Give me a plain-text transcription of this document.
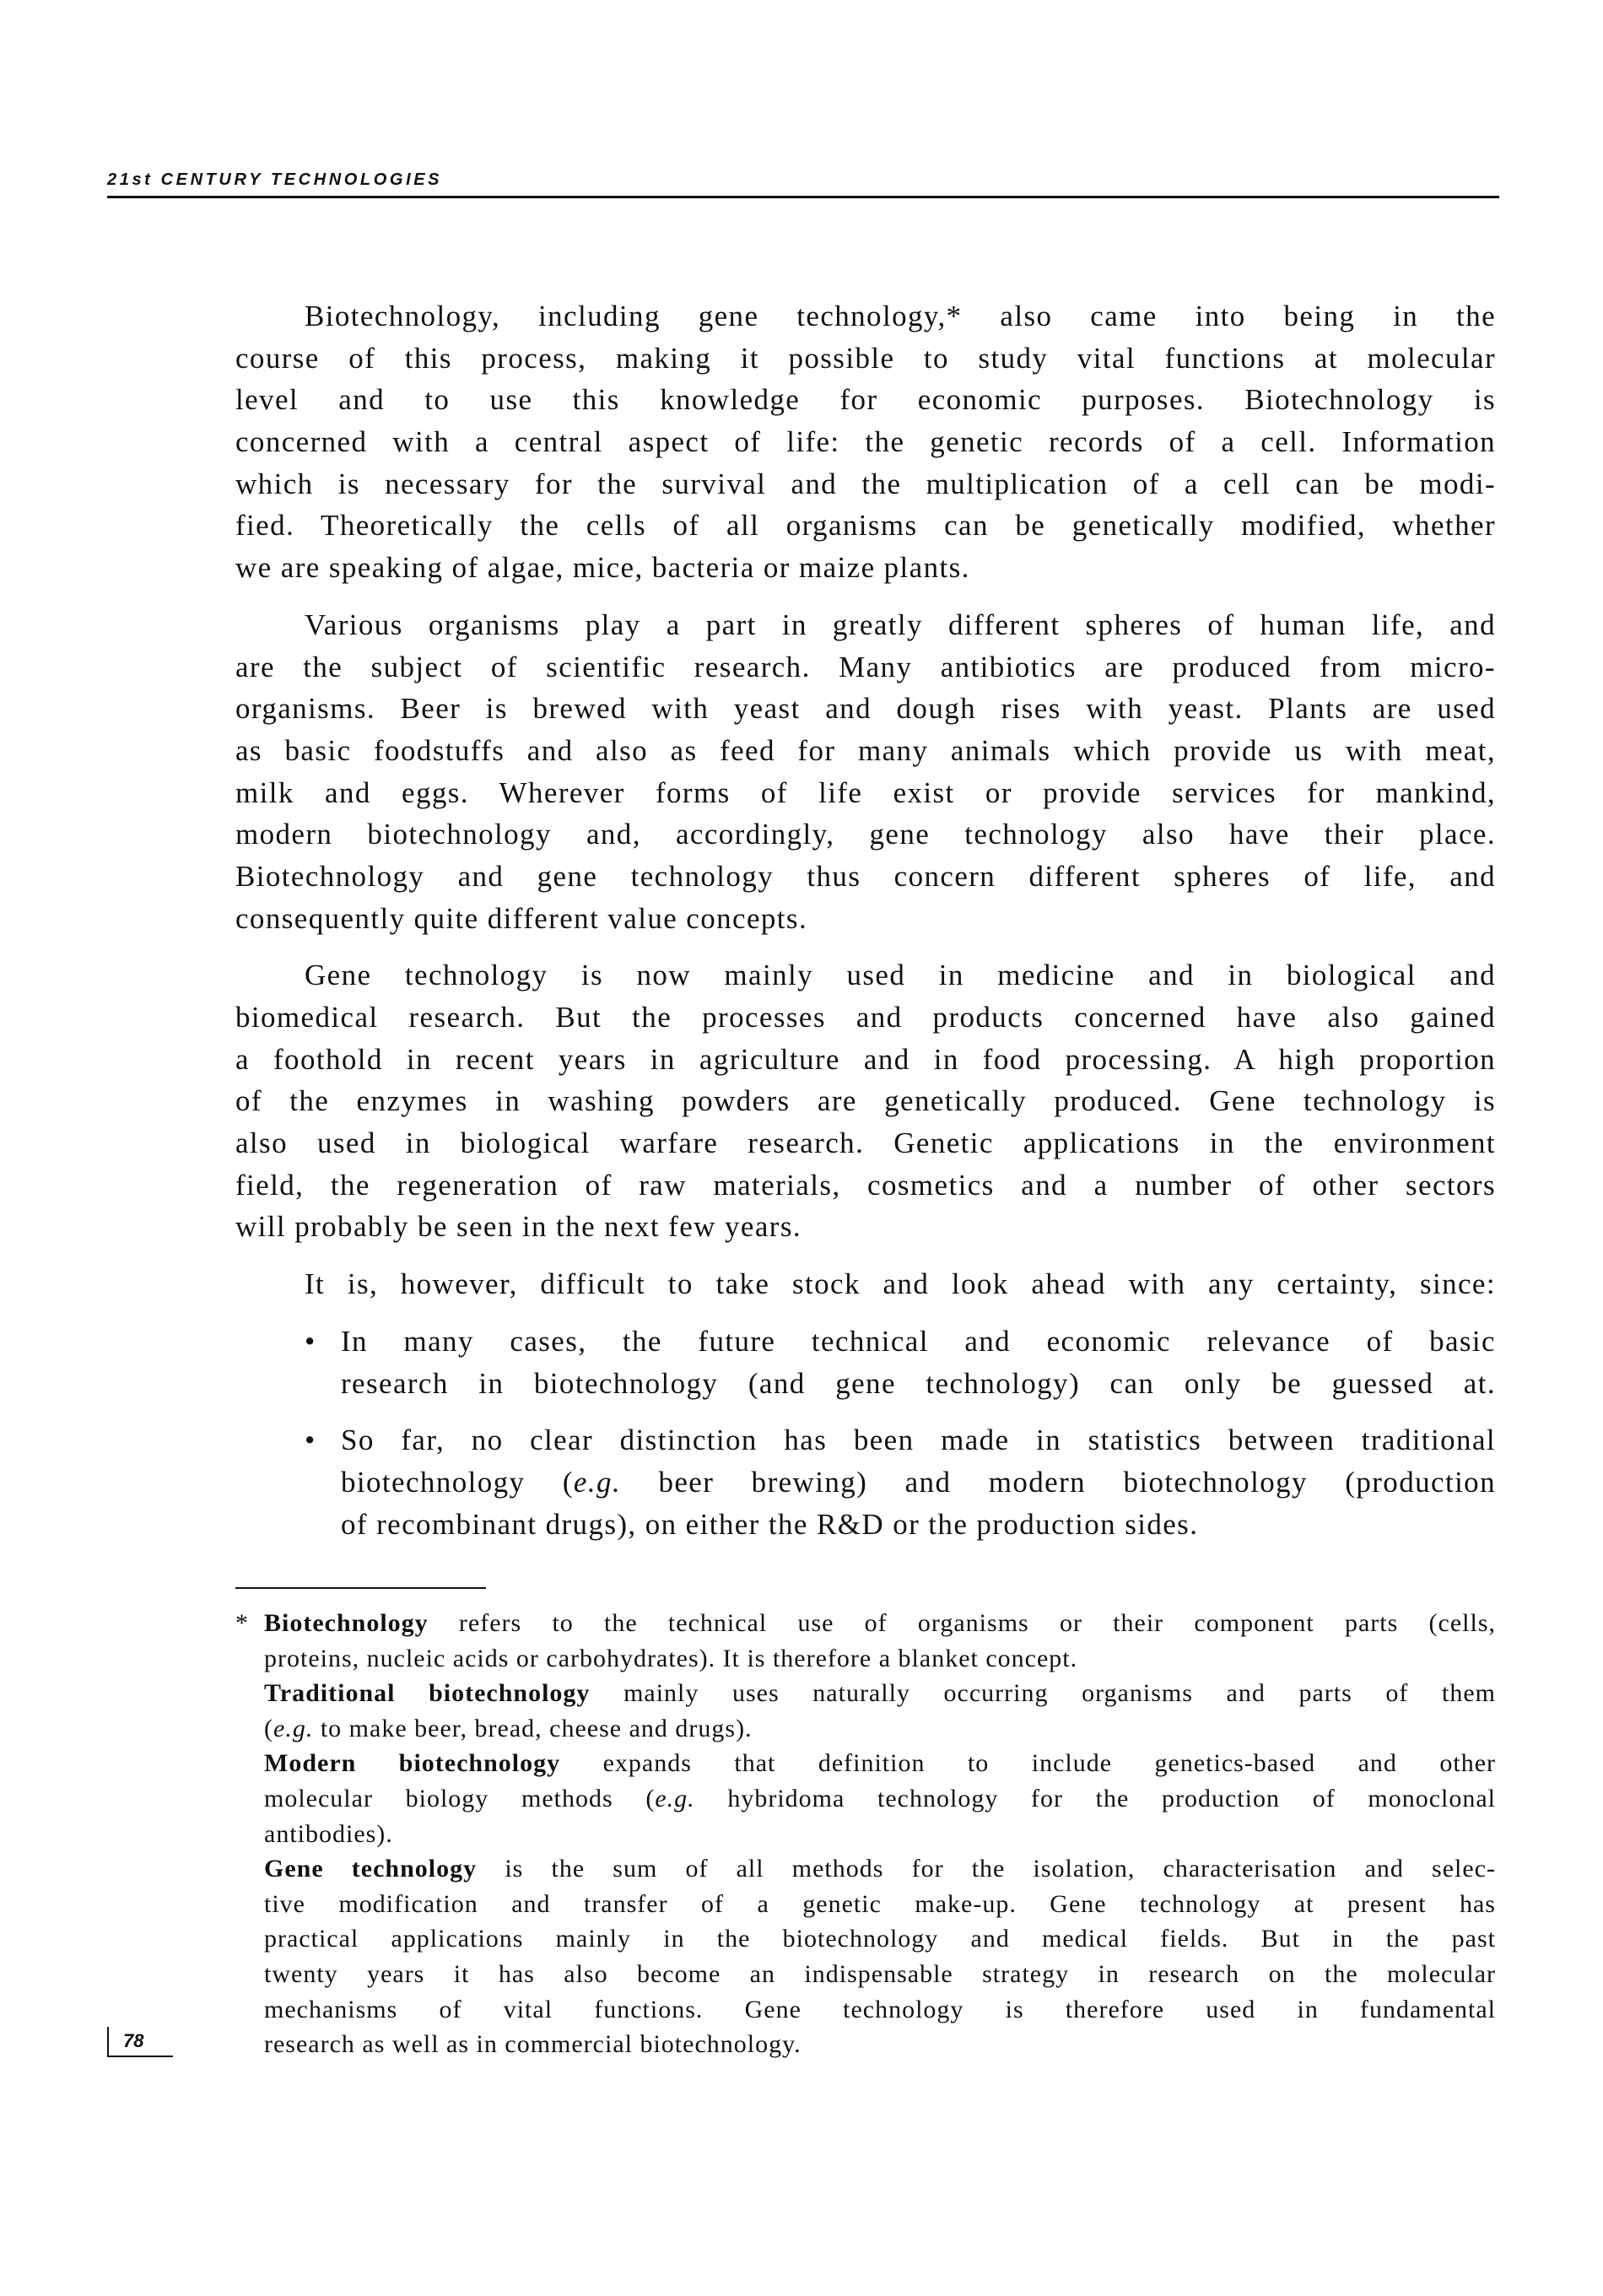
21st CENTURY TECHNOLOGIES
Biotechnology, including gene technology,* also came into being in the
course of this process, making it possible to study vital functions at molecular
level and to use this knowledge for economic purposes. Biotechnology is
concerned with a central aspect of life: the genetic records of a cell. Information
which is necessary for the survival and the multiplication of a cell can be modi-
fied. Theoretically the cells of all organisms can be genetically modified, whether
we are speaking of algae, mice, bacteria or maize plants.
Various organisms play a part in greatly different spheres of human life, and
are the subject of scientific research. Many antibiotics are produced from micro-
organisms. Beer is brewed with yeast and dough rises with yeast. Plants are used
as basic foodstuffs and also as feed for many animals which provide us with meat,
milk and eggs. Wherever forms of life exist or provide services for mankind,
modern biotechnology and, accordingly, gene technology also have their place.
Biotechnology and gene technology thus concern different spheres of life, and
consequently quite different value concepts.
Gene technology is now mainly used in medicine and in biological and
biomedical research. But the processes and products concerned have also gained
a foothold in recent years in agriculture and in food processing. A high proportion
of the enzymes in washing powders are genetically produced. Gene technology is
also used in biological warfare research. Genetic applications in the environment
field, the regeneration of raw materials, cosmetics and a number of other sectors
will probably be seen in the next few years.
It is, however, difficult to take stock and look ahead with any certainty, since:
• In many cases, the future technical and economic relevance of basic
research in biotechnology (and gene technology) can only be guessed at.
• So far, no clear distinction has been made in statistics between traditional
biotechnology (e.g. beer brewing) and modern biotechnology (production
of recombinant drugs), on either the R&D or the production sides.
* Biotechnology refers to the technical use of organisms or their component parts (cells,
proteins, nucleic acids or carbohydrates). It is therefore a blanket concept.
Traditional biotechnology mainly uses naturally occurring organisms and parts of them
(e.g. to make beer, bread, cheese and drugs).
Modern biotechnology expands that definition to include genetics-based and other
molecular biology methods (e.g. hybridoma technology for the production of monoclonal
antibodies).
Gene technology is the sum of all methods for the isolation, characterisation and selec-
tive modification and transfer of a genetic make-up. Gene technology at present has
practical applications mainly in the biotechnology and medical fields. But in the past
twenty years it has also become an indispensable strategy in research on the molecular
mechanisms of vital functions. Gene technology is therefore used in fundamental
research as well as in commercial biotechnology.
78
